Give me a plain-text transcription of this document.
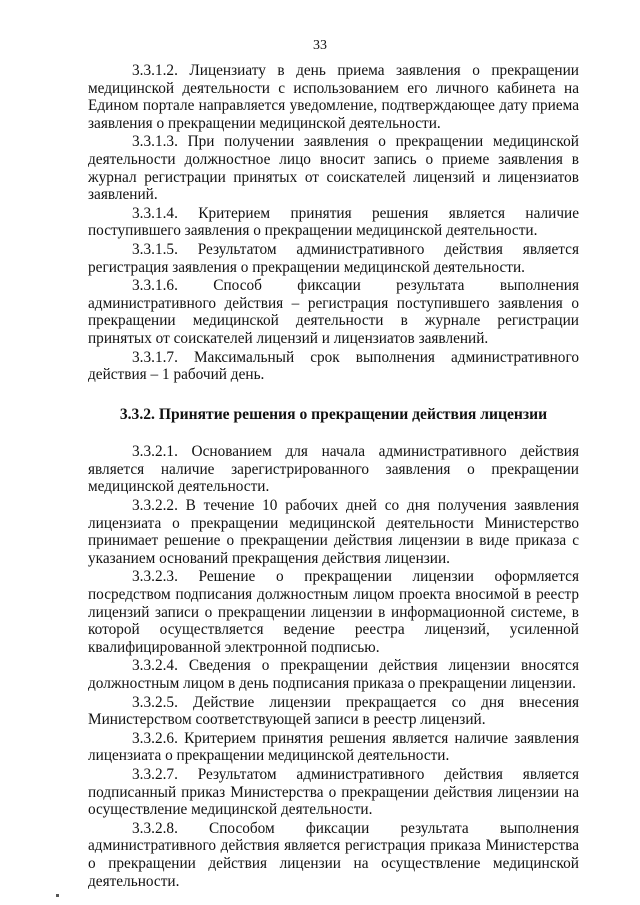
33

3.3.1.2. Лицензиату в день приема заявления о прекращении медицинской деятельности с использованием его личного кабинета на Едином портале направляется уведомление, подтверждающее дату приема заявления о прекращении медицинской деятельности.

3.3.1.3. При получении заявления о прекращении медицинской деятельности должностное лицо вносит запись о приеме заявления в журнал регистрации принятых от соискателей лицензий и лицензиатов заявлений.

3.3.1.4. Критерием принятия решения является наличие поступившего заявления о прекращении медицинской деятельности.

3.3.1.5. Результатом административного действия является регистрация заявления о прекращении медицинской деятельности.

3.3.1.6. Способ фиксации результата выполнения административного действия – регистрация поступившего заявления о прекращении медицинской деятельности в журнале регистрации принятых от соискателей лицензий и лицензиатов заявлений.

3.3.1.7. Максимальный срок выполнения административного действия – 1 рабочий день.

3.3.2. Принятие решения о прекращении действия лицензии

3.3.2.1. Основанием для начала административного действия является наличие зарегистрированного заявления о прекращении медицинской деятельности.

3.3.2.2. В течение 10 рабочих дней со дня получения заявления лицензиата о прекращении медицинской деятельности Министерство принимает решение о прекращении действия лицензии в виде приказа с указанием оснований прекращения действия лицензии.

3.3.2.3. Решение о прекращении лицензии оформляется посредством подписания должностным лицом проекта вносимой в реестр лицензий записи о прекращении лицензии в информационной системе, в которой осуществляется ведение реестра лицензий, усиленной квалифицированной электронной подписью.

3.3.2.4. Сведения о прекращении действия лицензии вносятся должностным лицом в день подписания приказа о прекращении лицензии.

3.3.2.5. Действие лицензии прекращается со дня внесения Министерством соответствующей записи в реестр лицензий.

3.3.2.6. Критерием принятия решения является наличие заявления лицензиата о прекращении медицинской деятельности.

3.3.2.7. Результатом административного действия является подписанный приказ Министерства о прекращении действия лицензии на осуществление медицинской деятельности.

3.3.2.8. Способом фиксации результата выполнения административного действия является регистрация приказа Министерства о прекращении действия лицензии на осуществление медицинской деятельности.
